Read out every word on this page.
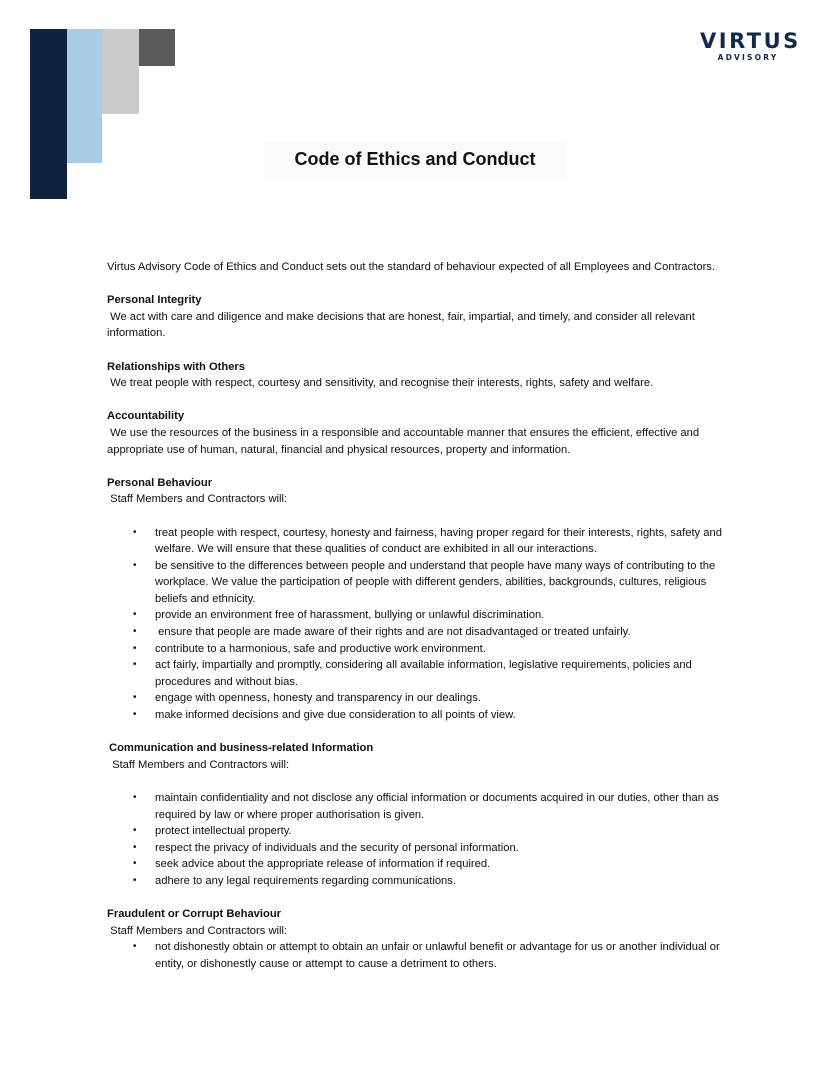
VIRTUS
ADVISORY
Code of Ethics and Conduct

Virtus Advisory Code of Ethics and Conduct sets out the standard of behaviour expected of all Employees and Contractors.

Personal Integrity

We act with care and diligence and make decisions that are honest, fair, impartial, and timely, and consider all relevant information.

Relationships with Others

We treat people with respect, courtesy and sensitivity, and recognise their interests, rights, safety and welfare.

Accountability

We use the resources of the business in a responsible and accountable manner that ensures the efficient, effective and appropriate use of human, natural, financial and physical resources, property and information.

Personal Behaviour

Staff Members and Contractors will:

• treat people with respect, courtesy, honesty and fairness, having proper regard for their interests, rights, safety and welfare. We will ensure that these qualities of conduct are exhibited in all our interactions.
• be sensitive to the differences between people and understand that people have many ways of contributing to the workplace. We value the participation of people with different genders, abilities, backgrounds, cultures, religious beliefs and ethnicity.
• provide an environment free of harassment, bullying or unlawful discrimination.
• ensure that people are made aware of their rights and are not disadvantaged or treated unfairly.
• contribute to a harmonious, safe and productive work environment.
• act fairly, impartially and promptly, considering all available information, legislative requirements, policies and procedures and without bias.
• engage with openness, honesty and transparency in our dealings.
• make informed decisions and give due consideration to all points of view.

Communication and business-related Information

Staff Members and Contractors will:

• maintain confidentiality and not disclose any official information or documents acquired in our duties, other than as required by law or where proper authorisation is given.
• protect intellectual property.
• respect the privacy of individuals and the security of personal information.
• seek advice about the appropriate release of information if required.
• adhere to any legal requirements regarding communications.

Fraudulent or Corrupt Behaviour

Staff Members and Contractors will:

• not dishonestly obtain or attempt to obtain an unfair or unlawful benefit or advantage for us or another individual or entity, or dishonestly cause or attempt to cause a detriment to others.
